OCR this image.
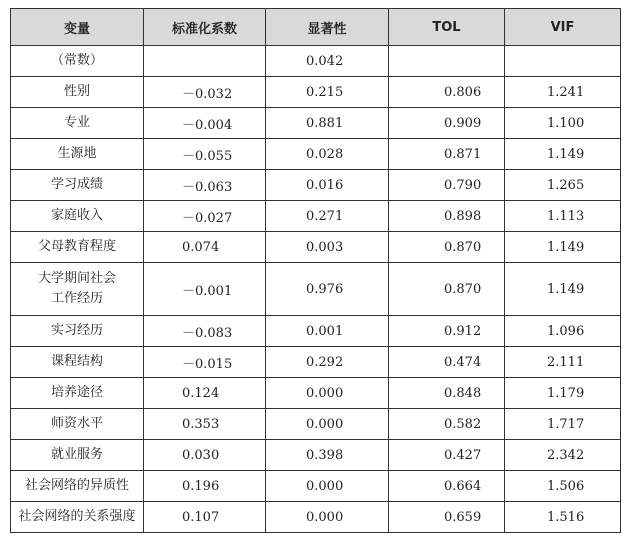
变量	标准化系数	显著性	TOL	VIF
（常数）		0.042		
性别	－0.032	0.215	0.806	1.241
专业	－0.004	0.881	0.909	1.100
生源地	－0.055	0.028	0.871	1.149
学习成绩	－0.063	0.016	0.790	1.265
家庭收入	－0.027	0.271	0.898	1.113
父母教育程度	0.074	0.003	0.870	1.149

大学期间社会
工作经历	－0.001	0.976	0.870	1.149
实习经历	－0.083	0.001	0.912	1.096
课程结构	－0.015	0.292	0.474	2.111
培养途径	0.124	0.000	0.848	1.179
师资水平	0.353	0.000	0.582	1.717
就业服务	0.030	0.398	0.427	2.342
社会网络的异质性	0.196	0.000	0.664	1.506
社会网络的关系强度	0.107	0.000	0.659	1.516
